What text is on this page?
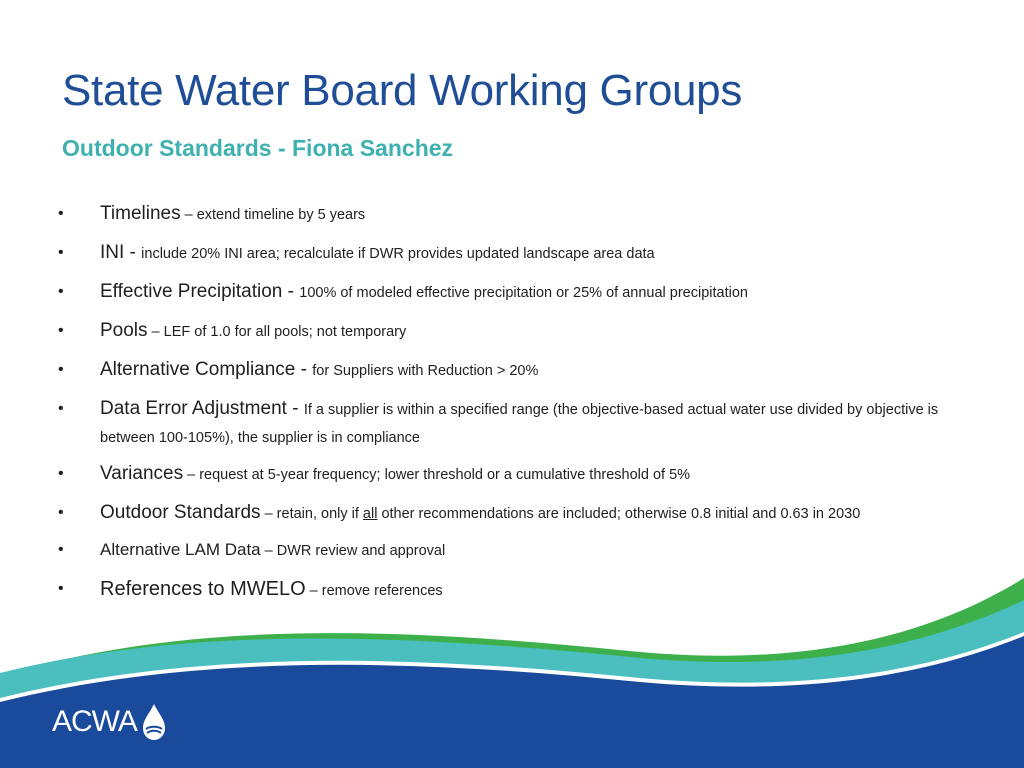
State Water Board Working Groups
Outdoor Standards - Fiona Sanchez
• Timelines – extend timeline by 5 years
• INI - include 20% INI area; recalculate if DWR provides updated landscape area data
• Effective Precipitation - 100% of modeled effective precipitation or 25% of annual precipitation
• Pools – LEF of 1.0 for all pools; not temporary
• Alternative Compliance - for Suppliers with Reduction > 20%
• Data Error Adjustment - If a supplier is within a specified range (the objective-based actual water use divided by objective is between 100-105%), the supplier is in compliance
• Variances – request at 5-year frequency; lower threshold or a cumulative threshold of 5%
• Outdoor Standards – retain, only if all other recommendations are included; otherwise 0.8 initial and 0.63 in 2030
• Alternative LAM Data – DWR review and approval
• References to MWELO – remove references
ACWA
